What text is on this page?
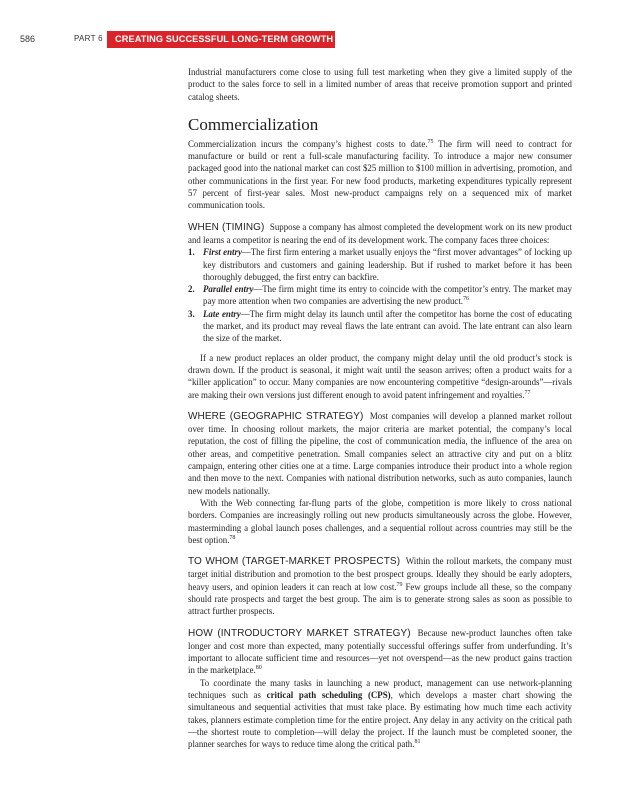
586	PART 6 CREATING SUCCESSFUL LONG-TERM GROWTH

Industrial manufacturers come close to using full test marketing when they give a limited supply of the product to the sales force to sell in a limited number of areas that receive promotion support and printed catalog sheets.

Commercialization

Commercialization incurs the company’s highest costs to date.$^{75}$ The firm will need to contract for manufacture or build or rent a full-scale manufacturing facility. To introduce a major new consumer packaged good into the national market can cost $25 million to $100 million in advertising, promotion, and other communications in the first year. For new food products, marketing expenditures typically represent 57 percent of first-year sales. Most new-product campaigns rely on a sequenced mix of market communication tools.

WHEN (TIMING) Suppose a company has almost completed the development work on its new product and learns a competitor is nearing the end of its development work. The company faces three choices:

1. First entry—The first firm entering a market usually enjoys the “first mover advantages” of locking up key distributors and customers and gaining leadership. But if rushed to market before it has been thoroughly debugged, the first entry can backfire.
2. Parallel entry—The firm might time its entry to coincide with the competitor’s entry. The market may pay more attention when two companies are advertising the new product.$^{76}$
3. Late entry—The firm might delay its launch until after the competitor has borne the cost of educating the market, and its product may reveal flaws the late entrant can avoid. The late entrant can also learn the size of the market.

If a new product replaces an older product, the company might delay until the old product’s stock is drawn down. If the product is seasonal, it might wait until the season arrives; often a product waits for a “killer application” to occur. Many companies are now encountering competitive “design-arounds”—rivals are making their own versions just different enough to avoid patent infringement and royalties.$^{77}$

WHERE (GEOGRAPHIC STRATEGY) Most companies will develop a planned market rollout over time. In choosing rollout markets, the major criteria are market potential, the company’s local reputation, the cost of filling the pipeline, the cost of communication media, the influence of the area on other areas, and competitive penetration. Small companies select an attractive city and put on a blitz campaign, entering other cities one at a time. Large companies introduce their product into a whole region and then move to the next. Companies with national distribution networks, such as auto companies, launch new models nationally.

With the Web connecting far-flung parts of the globe, competition is more likely to cross national borders. Companies are increasingly rolling out new products simultaneously across the globe. However, masterminding a global launch poses challenges, and a sequential rollout across countries may still be the best option.$^{78}$

TO WHOM (TARGET-MARKET PROSPECTS) Within the rollout markets, the company must target initial distribution and promotion to the best prospect groups. Ideally they should be early adopters, heavy users, and opinion leaders it can reach at low cost.$^{79}$ Few groups include all these, so the company should rate prospects and target the best group. The aim is to generate strong sales as soon as possible to attract further prospects.

HOW (INTRODUCTORY MARKET STRATEGY) Because new-product launches often take longer and cost more than expected, many potentially successful offerings suffer from underfunding. It’s important to allocate sufficient time and resources—yet not overspend—as the new product gains traction in the marketplace.$^{80}$

To coordinate the many tasks in launching a new product, management can use network-planning techniques such as critical path scheduling (CPS), which develops a master chart showing the simultaneous and sequential activities that must take place. By estimating how much time each activity takes, planners estimate completion time for the entire project. Any delay in any activity on the critical path—the shortest route to completion—will delay the project. If the launch must be completed sooner, the planner searches for ways to reduce time along the critical path.$^{81}$
